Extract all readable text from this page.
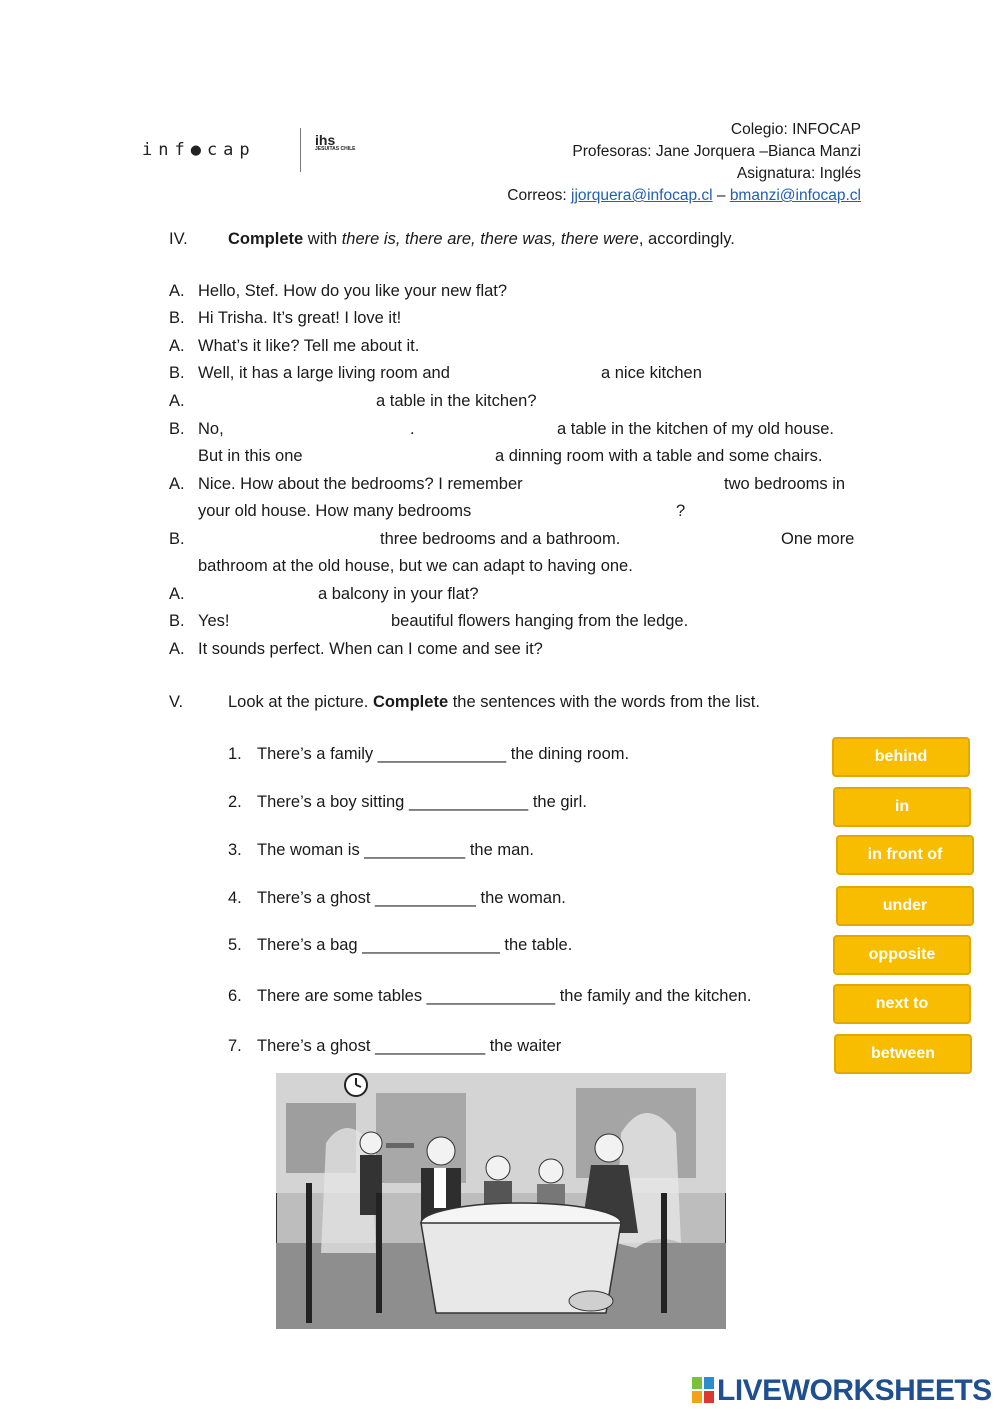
inf●cap	ihs
JESUITAS CHILE
Colegio: INFOCAP
Profesoras: Jane Jorquera –Bianca Manzi
Asignatura: Inglés
Correos: jjorquera@infocap.cl – bmanzi@infocap.cl
IV. Complete with there is, there are, there was, there were, accordingly.
A. Hello, Stef. How do you like your new flat?
B. Hi Trisha. It’s great! I love it!
A. What’s it like? Tell me about it.
B. Well, it has a large living room and	a nice kitchen
A.	a table in the kitchen?
B. No,	.	a table in the kitchen of my old house.
But in this one	a dinning room with a table and some chairs.
A. Nice. How about the bedrooms? I remember	two bedrooms in
your old house. How many bedrooms	?
B.	three bedrooms and a bathroom.	One more
bathroom at the old house, but we can adapt to having one.
A.	a balcony in your flat?
B. Yes!	beautiful flowers hanging from the ledge.
A. It sounds perfect. When can I come and see it?
V.	Look at the picture. Complete the sentences with the words from the list.
1. There’s a family ______________ the dining room.
2. There’s a boy sitting _____________ the girl.
3. The woman is ___________ the man.
4. There’s a ghost ___________ the woman.
5. There’s a bag _______________ the table.
6. There are some tables ______________ the family and the kitchen.
7. There’s a ghost ____________ the waiter
behind
in
in front of
under
opposite
next to
between
LIVEWORKSHEETS
